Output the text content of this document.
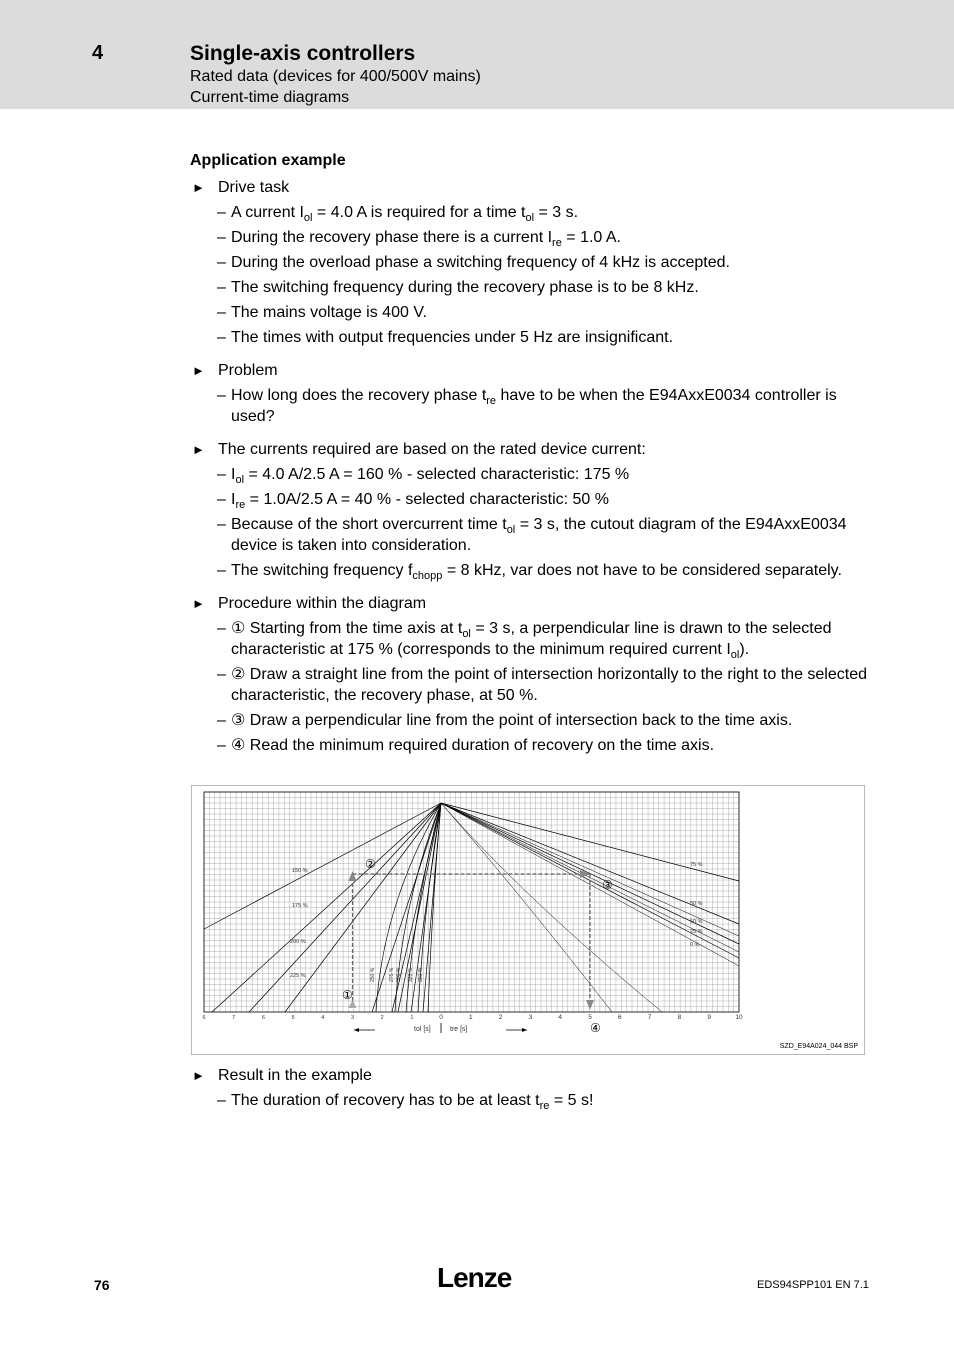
4	Single-axis controllers
Rated data (devices for 400/500V mains)
Current-time diagrams
Application example
► Drive task
– A current $I_{ol} = 4.0$ A is required for a time $t_{ol} = 3$ s.
– During the recovery phase there is a current $I_{re} = 1.0$ A.
– During the overload phase a switching frequency of 4 kHz is accepted.
– The switching frequency during the recovery phase is to be 8 kHz.
– The mains voltage is 400 V.
– The times with output frequencies under 5 Hz are insignificant.
► Problem
– How long does the recovery phase $t_{re}$ have to be when the E94AxxE0034 controller is used?
► The currents required are based on the rated device current:
– $I_{ol} = 4.0$ A/2.5 A = 160 % - selected characteristic: 175 %
– $I_{re} = 1.0A/2.5$ A = 40 % - selected characteristic: 50 %
– Because of the short overcurrent time $t_{ol} = 3$ s, the cutout diagram of the E94AxxE0034 device is taken into consideration.
– The switching frequency $f_{chopp} = 8$ kHz, var does not have to be considered separately.
► Procedure within the diagram
– ① Starting from the time axis at $t_{ol} = 3$ s, a perpendicular line is drawn to the selected characteristic at 175 % (corresponds to the minimum required current $I_{ol}$).
– ② Draw a straight line from the point of intersection horizontally to the right to the selected characteristic, the recovery phase, at 50 %.
– ③ Draw a perpendicular line from the point of intersection back to the time axis.
– ④ Read the minimum required duration of recovery on the time axis.
150 %
175 %
200 %
225 %	250 %	275 % 300 % 325 % 350 %
75 %
50 %
25 %
0 %
50 %
6	7	6	5	4	3	2	1	0	1	2	3	4	5	6	7	8	9	10
tol [s]	tre [s]
①
②
③
④
SZD_E94A024_044 BSP
► Result in the example
– The duration of recovery has to be at least $t_{re} = 5$ s!
76	Lenze	EDS94SPP101 EN 7.1
